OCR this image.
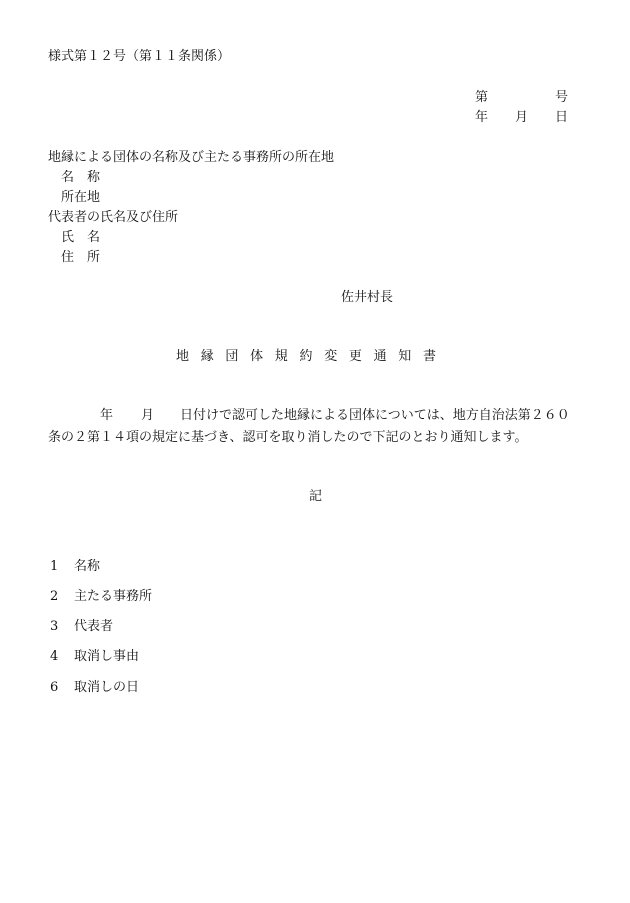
様式第１２号（第１１条関係）
第	号
年 月 日
地縁による団体の名称及び主たる事務所の所在地
名　称
所在地
代表者の氏名及び住所
氏　名
住　所
佐井村長
地縁団体規約変更通知書
年 月 日付けで認可した地縁による団体については、地方自治法第２６０
条の２第１４項の規定に基づき、認可を取り消したので下記のとおり通知します。
記
1 名称
2 主たる事務所
3 代表者
4 取消し事由
6 取消しの日
